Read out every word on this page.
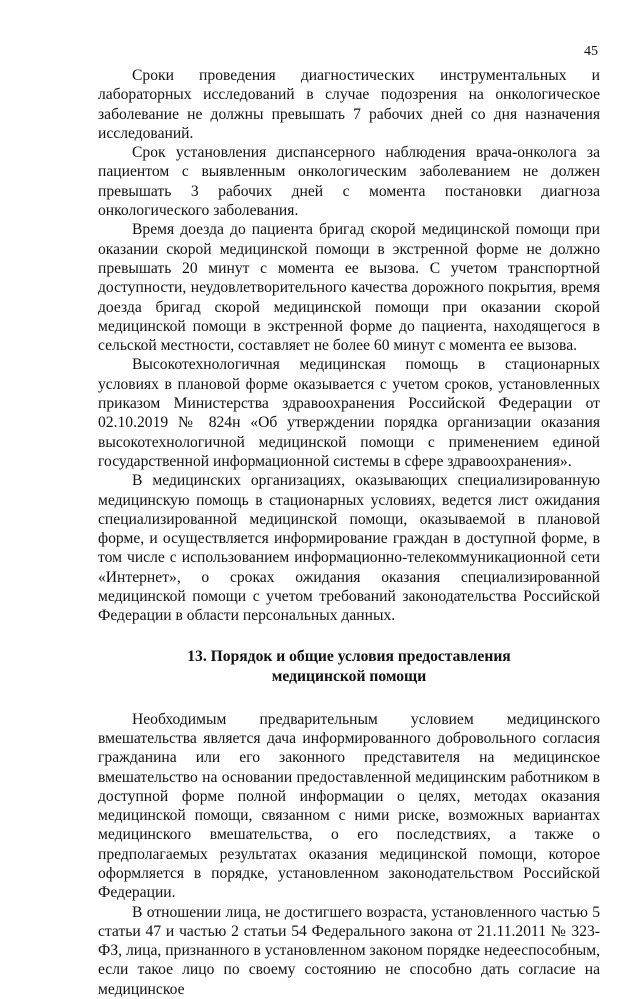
45

Сроки проведения диагностических инструментальных и лабораторных исследований в случае подозрения на онкологическое заболевание не должны превышать 7 рабочих дней со дня назначения исследований.

Срок установления диспансерного наблюдения врача-онколога за пациентом с выявленным онкологическим заболеванием не должен превышать 3 рабочих дней с момента постановки диагноза онкологического заболевания.

Время доезда до пациента бригад скорой медицинской помощи при оказании скорой медицинской помощи в экстренной форме не должно превышать 20 минут с момента ее вызова. С учетом транспортной доступности, неудовлетворительного качества дорожного покрытия, время доезда бригад скорой медицинской помощи при оказании скорой медицинской помощи в экстренной форме до пациента, находящегося в сельской местности, составляет не более 60 минут с момента ее вызова.

Высокотехнологичная медицинская помощь в стационарных условиях в плановой форме оказывается с учетом сроков, установленных приказом Министерства здравоохранения Российской Федерации от 02.10.2019 № 824н «Об утверждении порядка организации оказания высокотехнологичной медицинской помощи с применением единой государственной информационной системы в сфере здравоохранения».

В медицинских организациях, оказывающих специализированную медицинскую помощь в стационарных условиях, ведется лист ожидания специализированной медицинской помощи, оказываемой в плановой форме, и осуществляется информирование граждан в доступной форме, в том числе с использованием информационно-телекоммуникационной сети «Интернет», о сроках ожидания оказания специализированной медицинской помощи с учетом требований законодательства Российской Федерации в области персональных данных.

13. Порядок и общие условия предоставления
медицинской помощи

Необходимым предварительным условием медицинского вмешательства является дача информированного добровольного согласия гражданина или его законного представителя на медицинское вмешательство на основании предоставленной медицинским работником в доступной форме полной информации о целях, методах оказания медицинской помощи, связанном с ними риске, возможных вариантах медицинского вмешательства, о его последствиях, а также о предполагаемых результатах оказания медицинской помощи, которое оформляется в порядке, установленном законодательством Российской Федерации.

В отношении лица, не достигшего возраста, установленного частью 5 статьи 47 и частью 2 статьи 54 Федерального закона от 21.11.2011 № 323-ФЗ, лица, признанного в установленном законом порядке недееспособным, если такое лицо по своему состоянию не способно дать согласие на медицинское
